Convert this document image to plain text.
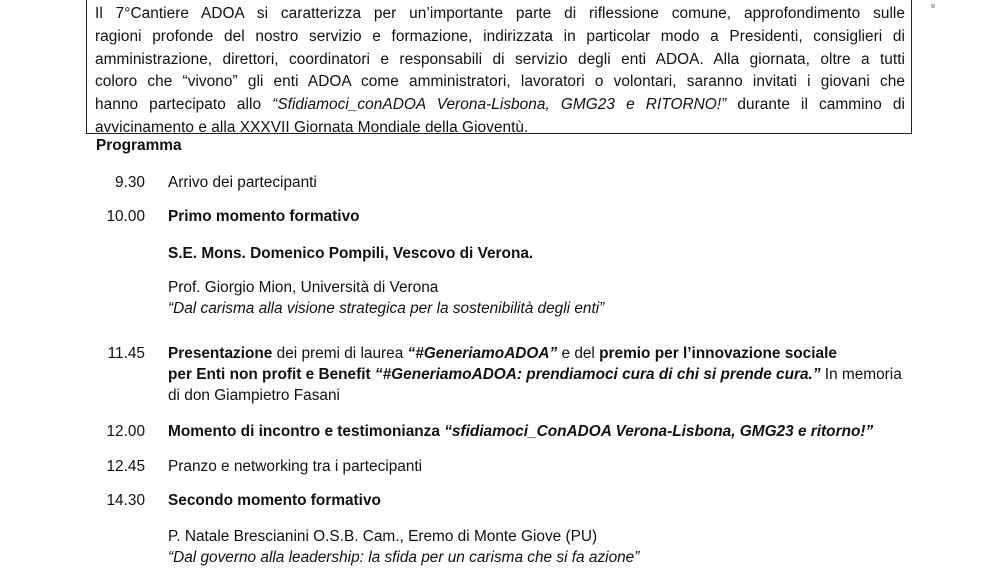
Il 7°Cantiere ADOA si caratterizza per un’importante parte di riflessione comune, approfondimento sulle
ragioni profonde del nostro servizio e formazione, indirizzata in particolar modo a Presidenti, consiglieri di
amministrazione, direttori, coordinatori e responsabili di servizio degli enti ADOA. Alla giornata, oltre a tutti
coloro che “vivono” gli enti ADOA come amministratori, lavoratori o volontari, saranno invitati i giovani che
hanno partecipato allo “Sfidiamoci_conADOA Verona-Lisbona, GMG23 e RITORNO!” durante il cammino di
avvicinamento e alla XXXVII Giornata Mondiale della Gioventù.
Programma
9.30 Arrivo dei partecipanti
10.00 Primo momento formativo
S.E. Mons. Domenico Pompili, Vescovo di Verona.
Prof. Giorgio Mion, Università di Verona
“Dal carisma alla visione strategica per la sostenibilità degli enti”
11.45 Presentazione dei premi di laurea “#GeneriamoADOA” e del premio per l’innovazione sociale
per Enti non profit e Benefit “#GeneriamoADOA: prendiamoci cura di chi si prende cura.” In memoria
di don Giampietro Fasani
12.00 Momento di incontro e testimonianza “sfidiamoci_ConADOA Verona-Lisbona, GMG23 e ritorno!”
12.45 Pranzo e networking tra i partecipanti
14.30 Secondo momento formativo
P. Natale Brescianini O.S.B. Cam., Eremo di Monte Giove (PU)
“Dal governo alla leadership: la sfida per un carisma che si fa azione”
